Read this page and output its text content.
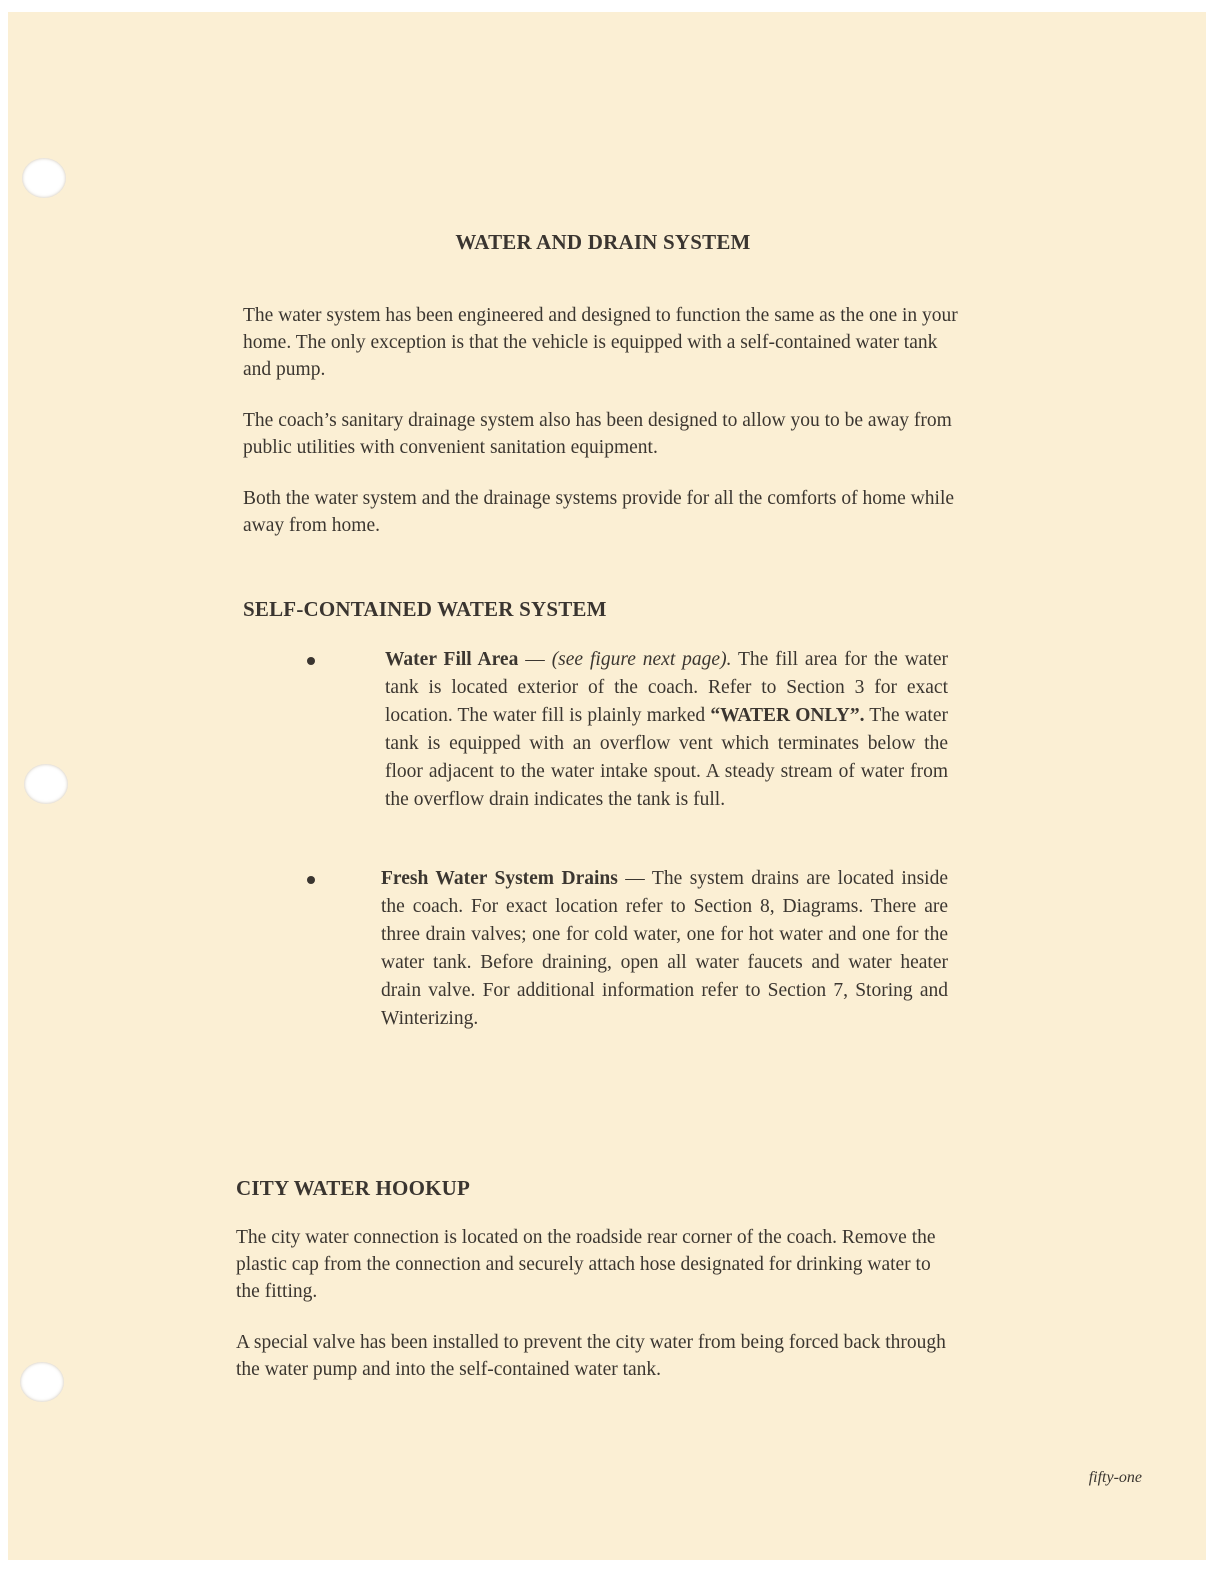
WATER AND DRAIN SYSTEM

The water system has been engineered and designed to function the same as the one in your home. The only exception is that the vehicle is equipped with a self-contained water tank and pump.

The coach’s sanitary drainage system also has been designed to allow you to be away from public utilities with convenient sanitation equipment.

Both the water system and the drainage systems provide for all the comforts of home while away from home.

SELF-CONTAINED WATER SYSTEM

Water Fill Area — (see figure next page). The fill area for the water tank is located exterior of the coach. Refer to Section 3 for exact location. The water fill is plainly marked “WATER ONLY”. The water tank is equipped with an overflow vent which terminates below the floor adjacent to the water intake spout. A steady stream of water from the overflow drain indicates the tank is full.

Fresh Water System Drains — The system drains are located inside the coach. For exact location refer to Section 8, Diagrams. There are three drain valves; one for cold water, one for hot water and one for the water tank. Before draining, open all water faucets and water heater drain valve. For additional information refer to Section 7, Storing and Winterizing.

CITY WATER HOOKUP

The city water connection is located on the roadside rear corner of the coach. Remove the plastic cap from the connection and securely attach hose designated for drinking water to the fitting.

A special valve has been installed to prevent the city water from being forced back through the water pump and into the self-contained water tank.

fifty-one
